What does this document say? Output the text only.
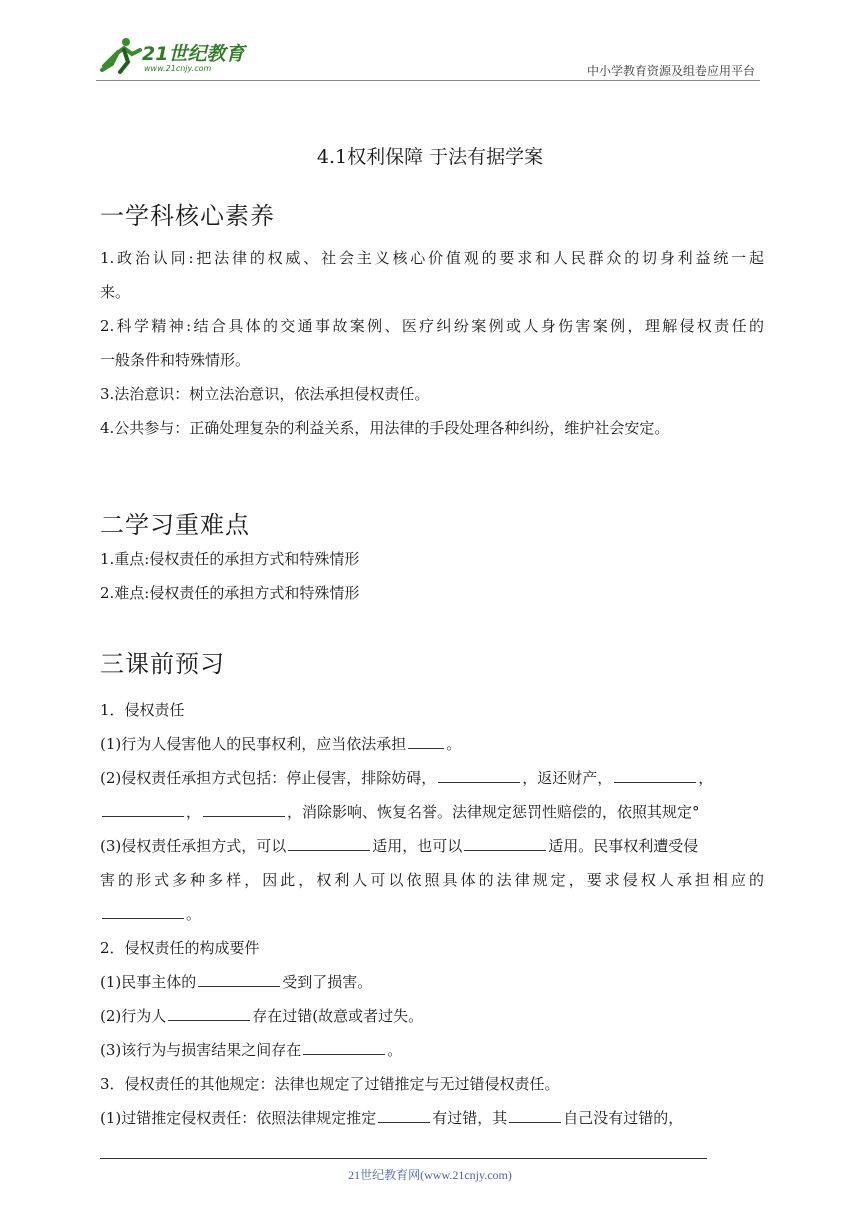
21世纪教育
www.21cnjy.com	中小学教育资源及组卷应用平台
4.1权利保障 于法有据学案
一学科核心素养
1.政治认同:把法律的权威、社会主义核心价值观的要求和人民群众的切身利益统一起
来。
2.科学精神:结合具体的交通事故案例、医疗纠纷案例或人身伤害案例，理解侵权责任的
一般条件和特殊情形。
3.法治意识：树立法治意识，依法承担侵权责任。
4.公共参与：正确处理复杂的利益关系，用法律的手段处理各种纠纷，维护社会安定。
二学习重难点
1.重点:侵权责任的承担方式和特殊情形
2.难点:侵权责任的承担方式和特殊情形
三课前预习
1．侵权责任
(1)行为人侵害他人的民事权利，应当依法承担	。
(2)侵权责任承担方式包括：停止侵害，排除妨碍，	，返还财产，	，
，	，消除影响、恢复名誉。法律规定惩罚性赔偿的，依照其规定°
(3)侵权责任承担方式，可以	适用，也可以	适用。民事权利遭受侵
害的形式多种多样，因此，权利人可以依照具体的法律规定，要求侵权人承担相应的
。
2．侵权责任的构成要件
(1)民事主体的	受到了损害。
(2)行为人	存在过错(故意或者过失。
(3)该行为与损害结果之间存在	。
3．侵权责任的其他规定：法律也规定了过错推定与无过错侵权责任。
(1)过错推定侵权责任：依照法律规定推定	有过错，其	自己没有过错的，
21世纪教育网(www.21cnjy.com)
